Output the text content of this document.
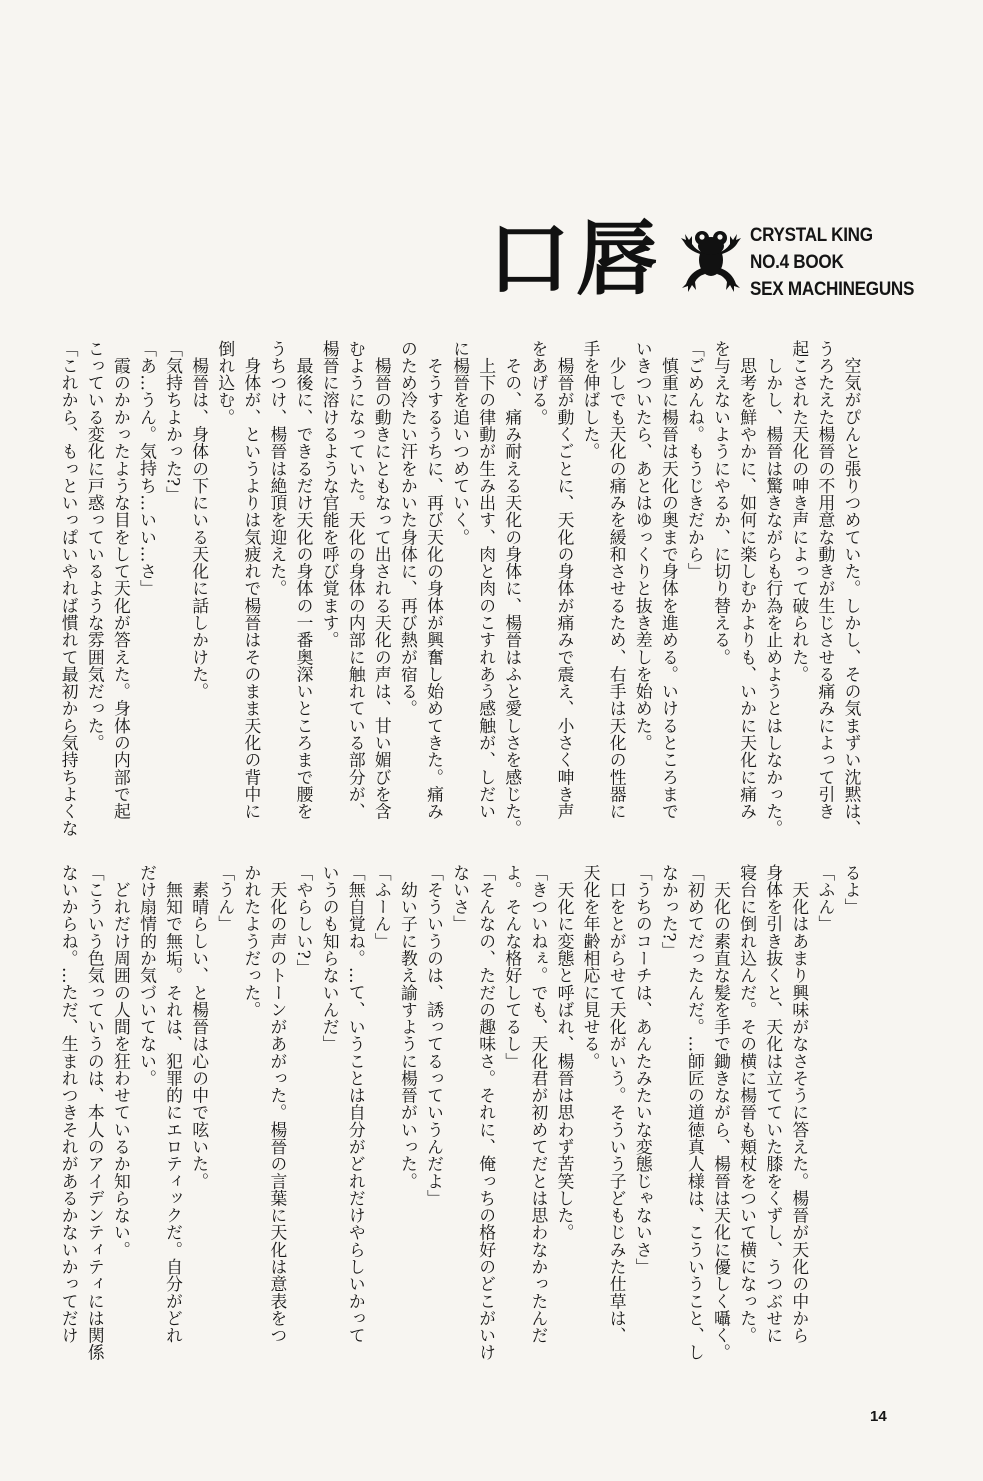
口唇	CRYSTAL KING
NO.4 BOOK
SEX MACHINEGUNS
　空気がぴんと張りつめていた。しかし、その気まずい沈黙は、
うろたえた楊晉の不用意な動きが生じさせる痛みによって引き
起こされた天化の呻き声によって破られた。
　しかし、楊晉は驚きながらも行為を止めようとはしなかった。
　思考を鮮やかに、如何に楽しむかよりも、いかに天化に痛み
を与えないようにやるか、に切り替える。
「ごめんね。もうじきだから」
　慎重に楊晉は天化の奥まで身体を進める。いけるところまで
いきついたら、あとはゆっくりと抜き差しを始めた。
　少しでも天化の痛みを緩和させるため、右手は天化の性器に
手を伸ばした。
　楊晉が動くごとに、天化の身体が痛みで震え、小さく呻き声
をあげる。
　その、痛み耐える天化の身体に、楊晉はふと愛しさを感じた。
　上下の律動が生み出す、肉と肉のこすれあう感触が、しだい
に楊晉を追いつめていく。
　そうするうちに、再び天化の身体が興奮し始めてきた。痛み
のため冷たい汗をかいた身体に、再び熱が宿る。
　楊晉の動きにともなって出される天化の声は、甘い媚びを含
むようになっていた。天化の身体の内部に触れている部分が、
楊晉に溶けるような官能を呼び覚ます。
　最後に、できるだけ天化の身体の一番奥深いところまで腰を
うちつけ、楊晉は絶頂を迎えた。
　身体が、というよりは気疲れで楊晉はそのまま天化の背中に
倒れ込む。
　楊晉は、身体の下にいる天化に話しかけた。
「気持ちよかった?」
「あ…うん。気持ち…いい…さ」
　霞のかかったような目をして天化が答えた。身体の内部で起
こっている変化に戸惑っているような雰囲気だった。
「これから、もっといっぱいやれば慣れて最初から気持ちよくな
るよ」
「ふん」
　天化はあまり興味がなさそうに答えた。楊晉が天化の中から
身体を引き抜くと、天化は立てていた膝をくずし、うつぶせに
寝台に倒れ込んだ。その横に楊晉も頬杖をついて横になった。
　天化の素直な髪を手で鋤きながら、楊晉は天化に優しく囁く。
「初めてだったんだ。…師匠の道徳真人様は、こういうこと、し
なかった?」
「うちのコーチは、あんたみたいな変態じゃないさ」
　口をとがらせて天化がいう。そういう子どもじみた仕草は、
天化を年齢相応に見せる。
　天化に変態と呼ばれ、楊晉は思わず苦笑した。
「きついねぇ。でも、天化君が初めてだとは思わなかったんだ
よ。そんな格好してるし」
「そんなの、ただの趣味さ。それに、俺っちの格好のどこがいけ
ないさ」
「そういうのは、誘ってるっていうんだよ」
　幼い子に教え諭すように楊晉がいった。
「ふーん」
「無自覚ね。…て、いうことは自分がどれだけやらしいかって
いうのも知らないんだ」
「やらしい?」
　天化の声のトーンがあがった。楊晉の言葉に天化は意表をつ
かれたようだった。
「うん」
　素晴らしい、と楊晉は心の中で呟いた。
　無知で無垢。それは、犯罪的にエロティックだ。自分がどれ
だけ扇情的か気づいてない。
　どれだけ周囲の人間を狂わせているか知らない。
「こういう色気っていうのは、本人のアイデンティティには関係
ないからね。…ただ、生まれつきそれがあるかないかってだけ
14
